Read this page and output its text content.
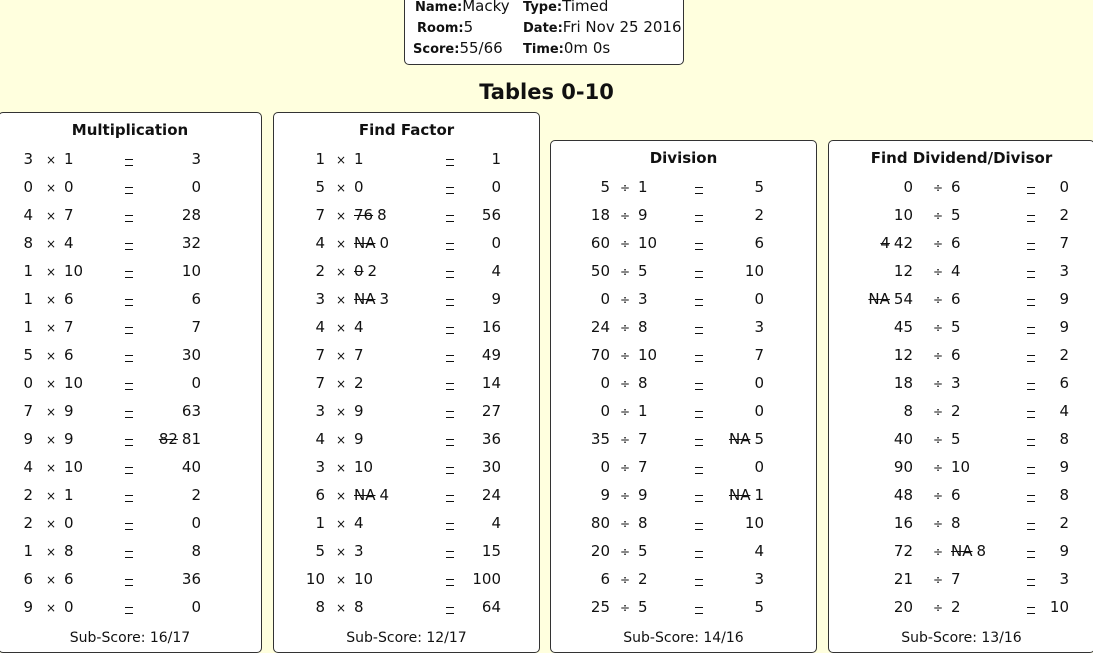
Name:Macky
Room:5
Score:55/66
Type:Timed
Date:Fri Nov 25 2016
Time:0m 0s
Tables 0-10
Multiplication
3 × 1	3
0 × 0	0
4 × 7	28
8 × 4	32
1 × 10	10
1 × 6	6
1 × 7	7
5 × 6	30
0 × 10	0
7 × 9	63
9 × 9	82 81
4 × 10	40
2 × 1	2
2 × 0	0
1 × 8	8
6 × 6	36
9 × 0	0
Sub-Score: 16/17
Find Factor
1 × 1	1
5 × 0	0
7 × 76 8	56
4 × NA 0	0
2 × 0 2	4
3 × NA 3	9
4 × 4	16
7 × 7	49
7 × 2	14
3 × 9	27
4 × 9	36
3 × 10	30
6 × NA 4	24
1 × 4	4
5 × 3	15
10 × 10	100
8 × 8	64
Sub-Score: 12/17
Division
5 ÷ 1	5
18 ÷ 9	2
60 ÷ 10	6
50 ÷ 5	10
0 ÷ 3	0
24 ÷ 8	3
70 ÷ 10	7
0 ÷ 8	0
0 ÷ 1	0
35 ÷ 7	NA 5
0 ÷ 7	0
9 ÷ 9	NA 1
80 ÷ 8	10
20 ÷ 5	4
6 ÷ 2	3
25 ÷ 5	5
Sub-Score: 14/16
Find Dividend/Divisor
0 ÷ 6	0
10 ÷ 5	2
4 42 ÷ 6	7
12 ÷ 4	3
NA 54 ÷ 6	9
45 ÷ 5	9
12 ÷ 6	2
18 ÷ 3	6
8 ÷ 2	4
40 ÷ 5	8
90 ÷ 10	9
48 ÷ 6	8
16 ÷ 8	2
72 ÷ NA 8	9
21 ÷ 7	3
20 ÷ 2	10
Sub-Score: 13/16
